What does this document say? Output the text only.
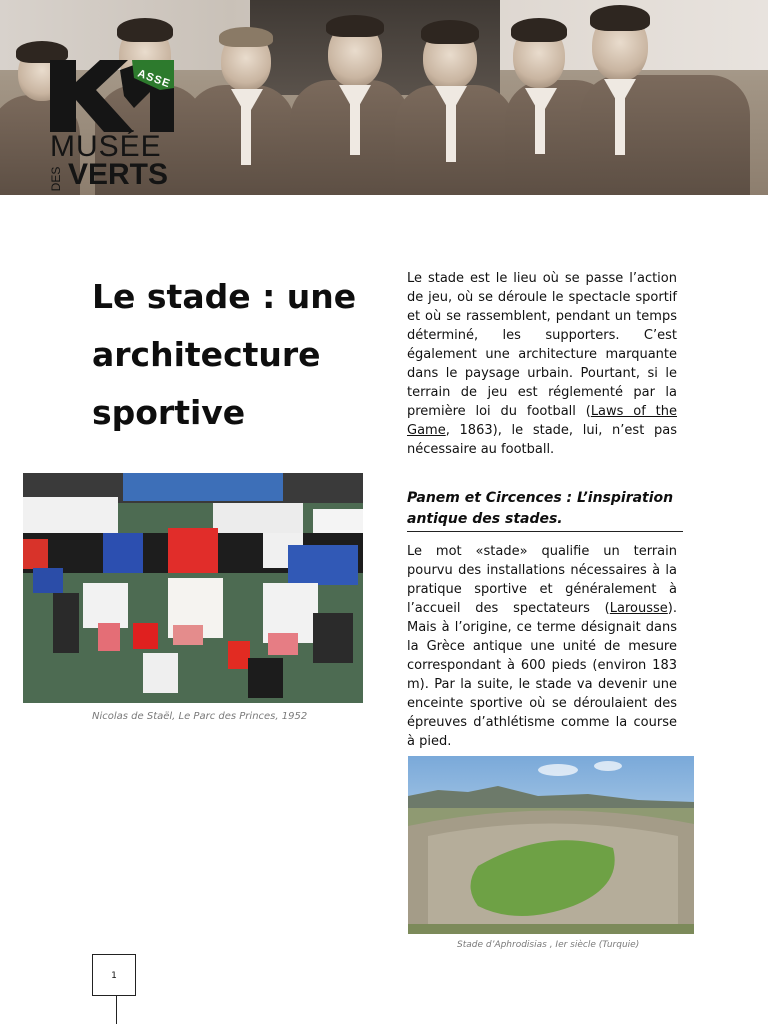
ASSE
MUSÉE
DES VERTS
Le stade : une architecture sportive

Le stade est le lieu où se passe l’action de jeu, où se déroule le spectacle sportif et où se rassemblent, pendant un temps déterminé, les supporters. C’est également une architecture marquante dans le paysage urbain. Pourtant, si le terrain de jeu est réglementé par la première loi du football (Laws of the Game, 1863), le stade, lui, n’est pas nécessaire au football.

Panem et Circences : L’inspiration antique des stades.

Le mot «stade» qualifie un terrain pourvu des installations nécessaires à la pratique sportive et généralement à l’accueil des spectateurs (Larousse). Mais à l’origine, ce terme désignait dans la Grèce antique une unité de mesure correspondant à 600 pieds (environ 183 m). Par la suite, le stade va devenir une enceinte sportive où se déroulaient des épreuves d’athlétisme comme la course à pied.

Nicolas de Staël, Le Parc des Princes, 1952

Stade d’Aphrodisias , Ier siècle (Turquie)

1
